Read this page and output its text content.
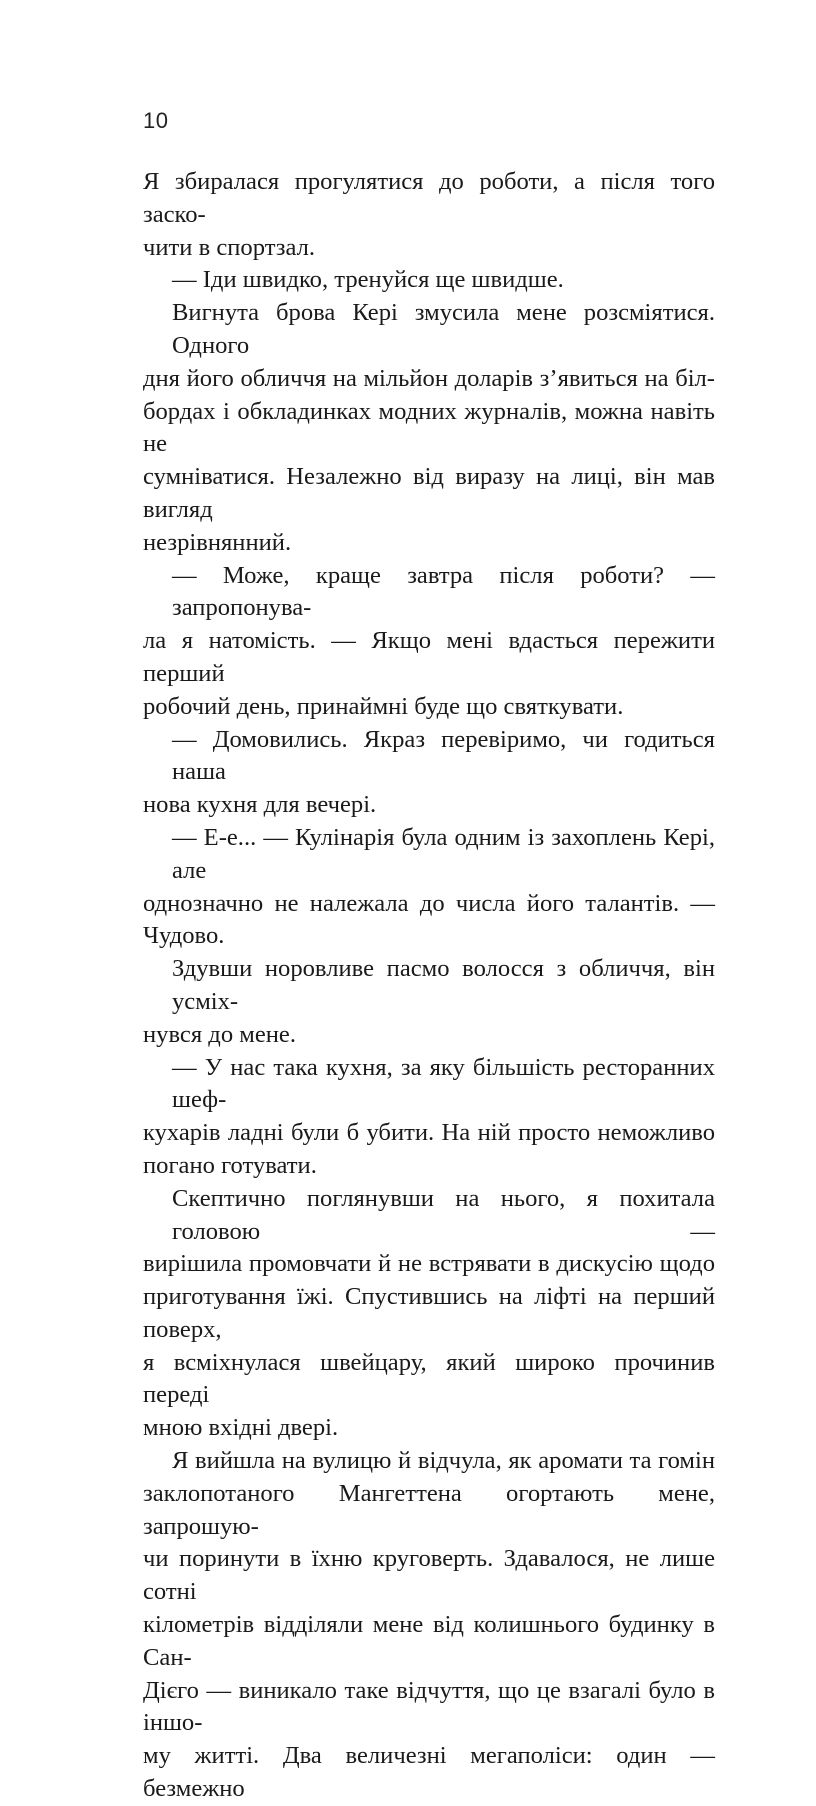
10
Я збиралася прогулятися до роботи, а після того заско-
чити в спортзал.
— Іди швидко, тренуйся ще швидше.
Вигнута брова Кері змусила мене розсміятися. Одного
дня його обличчя на мільйон доларів з’явиться на біл-
бордах і обкладинках модних журналів, можна навіть не
сумніватися. Незалежно від виразу на лиці, він мав вигляд
незрівнянний.
— Може, краще завтра після роботи? — запропонува-
ла я натомість. — Якщо мені вдасться пережити перший
робочий день, принаймні буде що святкувати.
— Домовились. Якраз перевіримо, чи годиться наша
нова кухня для вечері.
— Е-е... — Кулінарія була одним із захоплень Кері, але
однозначно не належала до числа його талантів. — Чудово.
Здувши норовливе пасмо волосся з обличчя, він усміх-
нувся до мене.
— У нас така кухня, за яку більшість ресторанних шеф-
кухарів ладні були б убити. На ній просто неможливо
погано готувати.
Скептично поглянувши на нього, я похитала головою —
вирішила промовчати й не встрявати в дискусію щодо
приготування їжі. Спустившись на ліфті на перший поверх,
я всміхнулася швейцару, який широко прочинив переді
мною вхідні двері.
Я вийшла на вулицю й відчула, як аромати та гомін
заклопотаного Мангеттена огортають мене, запрошую-
чи поринути в їхню круговерть. Здавалося, не лише сотні
кілометрів відділяли мене від колишнього будинку в Сан-
Дієго — виникало таке відчуття, що це взагалі було в іншо-
му житті. Два величезні мегаполіси: один — безмежно
